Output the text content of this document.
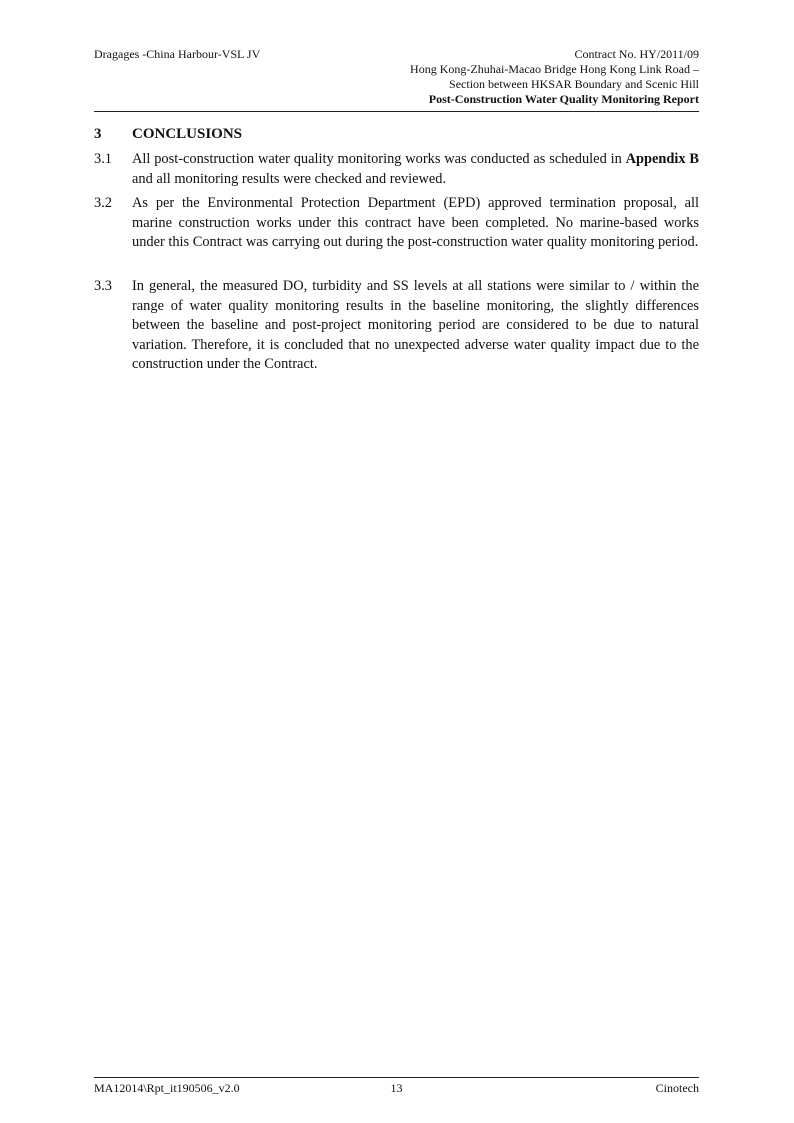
Dragages -China Harbour-VSL JV	Contract No. HY/2011/09
Hong Kong-Zhuhai-Macao Bridge Hong Kong Link Road –
Section between HKSAR Boundary and Scenic Hill
Post-Construction Water Quality Monitoring Report
3 CONCLUSIONS
3.1	All post-construction water quality monitoring works was conducted as scheduled in Appendix B and all monitoring results were checked and reviewed.
3.2	As per the Environmental Protection Department (EPD) approved termination proposal, all marine construction works under this contract have been completed. No marine-based works under this Contract was carrying out during the post-construction water quality monitoring period.
3.3	In general, the measured DO, turbidity and SS levels at all stations were similar to / within the range of water quality monitoring results in the baseline monitoring, the slightly differences between the baseline and post-project monitoring period are considered to be due to natural variation. Therefore, it is concluded that no unexpected adverse water quality impact due to the construction under the Contract.
MA12014\Rpt_it190506_v2.0	13	Cinotech
